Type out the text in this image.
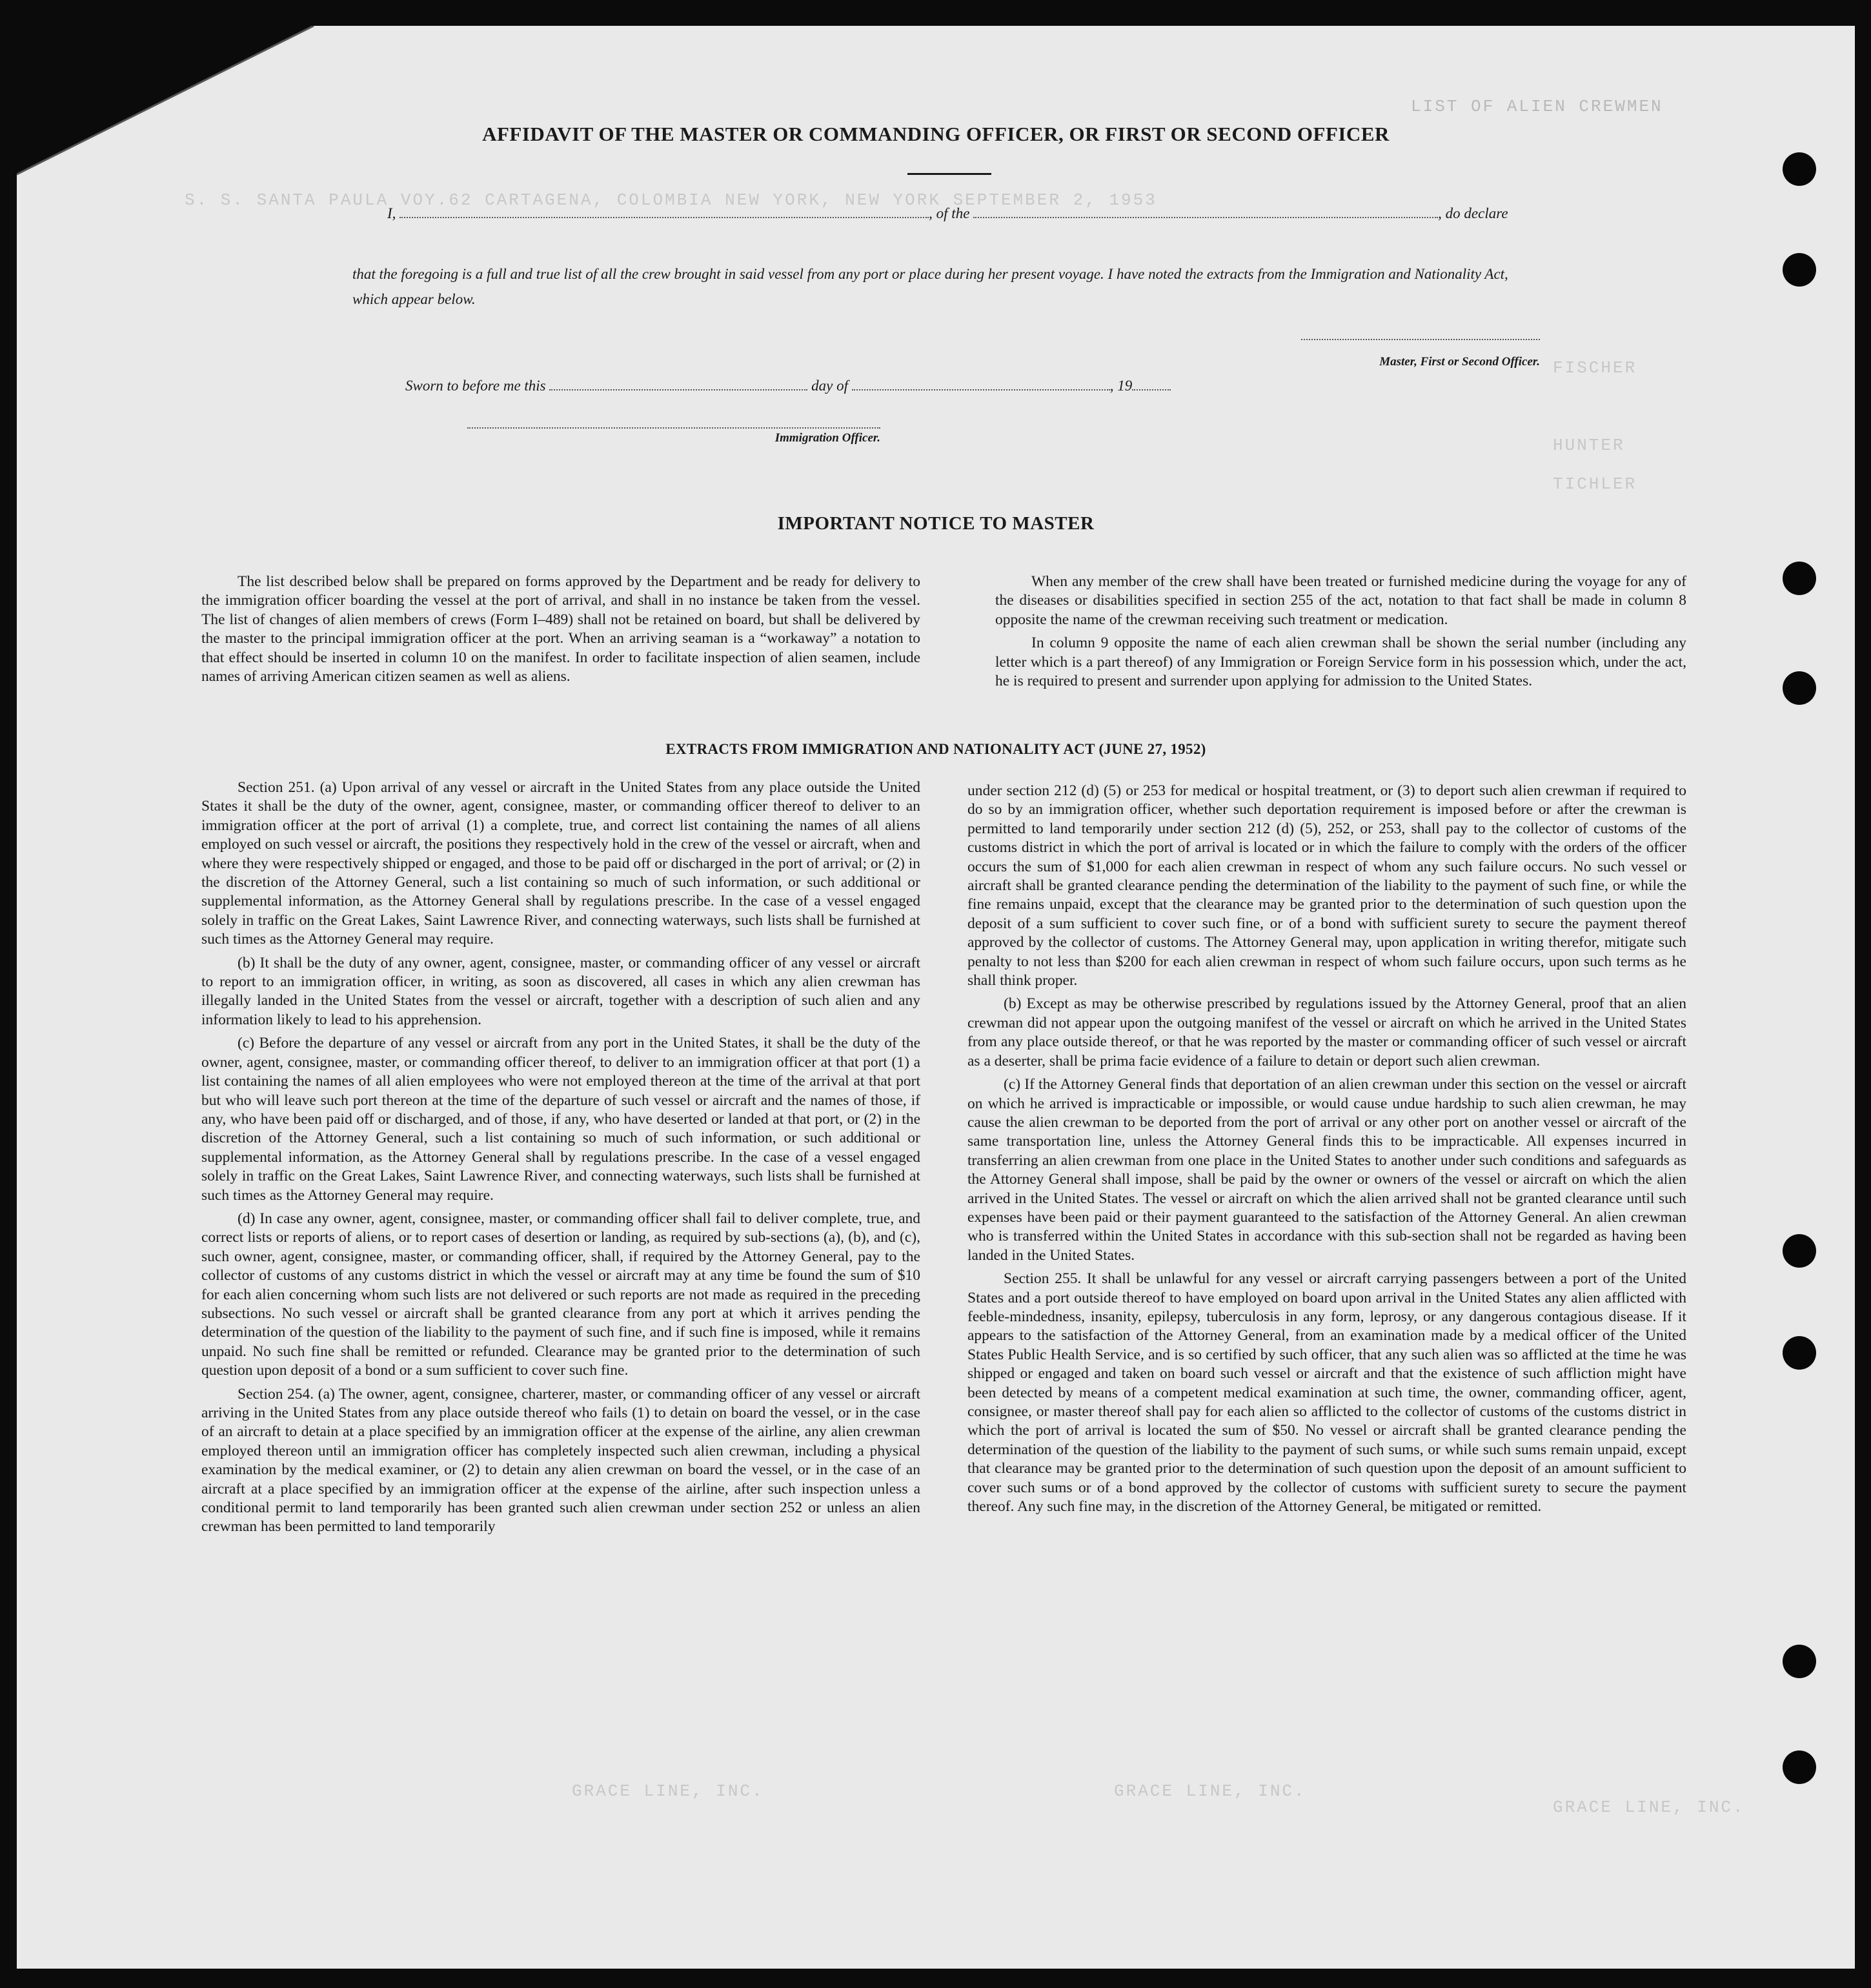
LIST OF ALIEN CREWMEN
S. S. SANTA PAULA VOY.62 CARTAGENA, COLOMBIA NEW YORK, NEW YORK SEPTEMBER 2, 1953
FISCHER
HUNTER
TICHLER
GRACE LINE, INC.	GRACE LINE, INC.
GRACE LINE, INC.
AFFIDAVIT OF THE MASTER OR COMMANDING OFFICER, OR FIRST OR SECOND OFFICER
I,	, of the	, do declare
that the foregoing is a full and true list of all the crew brought in said vessel from any port or place during her present voyage. I have noted the extracts from the Immigration and Nationality Act, which appear below.
Master, First or Second Officer.
Sworn to before me this	day of	, 19
Immigration Officer.
IMPORTANT NOTICE TO MASTER

The list described below shall be prepared on forms approved by the Department and be ready for delivery to the immigration officer boarding the vessel at the port of arrival, and shall in no instance be taken from the vessel. The list of changes of alien members of crews (Form I–489) shall not be retained on board, but shall be delivered by the master to the principal immigration officer at the port. When an arriving seaman is a “workaway” a notation to that effect should be inserted in column 10 on the manifest. In order to facilitate inspection of alien seamen, include names of arriving American citizen seamen as well as aliens.

When any member of the crew shall have been treated or furnished medicine during the voyage for any of the diseases or disabilities specified in section 255 of the act, notation to that fact shall be made in column 8 opposite the name of the crewman receiving such treatment or medication.

In column 9 opposite the name of each alien crewman shall be shown the serial number (including any letter which is a part thereof) of any Immigration or Foreign Service form in his possession which, under the act, he is required to present and surrender upon applying for admission to the United States.

EXTRACTS FROM IMMIGRATION AND NATIONALITY ACT (JUNE 27, 1952)

Section 251. (a) Upon arrival of any vessel or aircraft in the United States from any place outside the United States it shall be the duty of the owner, agent, consignee, master, or commanding officer thereof to deliver to an immigration officer at the port of arrival (1) a complete, true, and correct list containing the names of all aliens employed on such vessel or aircraft, the positions they respectively hold in the crew of the vessel or aircraft, when and where they were respectively shipped or engaged, and those to be paid off or discharged in the port of arrival; or (2) in the discretion of the Attorney General, such a list containing so much of such information, or such additional or supplemental information, as the Attorney General shall by regulations prescribe. In the case of a vessel engaged solely in traffic on the Great Lakes, Saint Lawrence River, and connecting waterways, such lists shall be furnished at such times as the Attorney General may require.

(b) It shall be the duty of any owner, agent, consignee, master, or commanding officer of any vessel or aircraft to report to an immigration officer, in writing, as soon as discovered, all cases in which any alien crewman has illegally landed in the United States from the vessel or aircraft, together with a description of such alien and any information likely to lead to his apprehension.

(c) Before the departure of any vessel or aircraft from any port in the United States, it shall be the duty of the owner, agent, consignee, master, or commanding officer thereof, to deliver to an immigration officer at that port (1) a list containing the names of all alien employees who were not employed thereon at the time of the arrival at that port but who will leave such port thereon at the time of the departure of such vessel or aircraft and the names of those, if any, who have been paid off or discharged, and of those, if any, who have deserted or landed at that port, or (2) in the discretion of the Attorney General, such a list containing so much of such information, or such additional or supplemental information, as the Attorney General shall by regulations prescribe. In the case of a vessel engaged solely in traffic on the Great Lakes, Saint Lawrence River, and connecting waterways, such lists shall be furnished at such times as the Attorney General may require.

(d) In case any owner, agent, consignee, master, or commanding officer shall fail to deliver complete, true, and correct lists or reports of aliens, or to report cases of desertion or landing, as required by sub-sections (a), (b), and (c), such owner, agent, consignee, master, or commanding officer, shall, if required by the Attorney General, pay to the collector of customs of any customs district in which the vessel or aircraft may at any time be found the sum of $10 for each alien concerning whom such lists are not delivered or such reports are not made as required in the preceding subsections. No such vessel or aircraft shall be granted clearance from any port at which it arrives pending the determination of the question of the liability to the payment of such fine, and if such fine is imposed, while it remains unpaid. No such fine shall be remitted or refunded. Clearance may be granted prior to the determination of such question upon deposit of a bond or a sum sufficient to cover such fine.

Section 254. (a) The owner, agent, consignee, charterer, master, or commanding officer of any vessel or aircraft arriving in the United States from any place outside thereof who fails (1) to detain on board the vessel, or in the case of an aircraft to detain at a place specified by an immigration officer at the expense of the airline, any alien crewman employed thereon until an immigration officer has completely inspected such alien crewman, including a physical examination by the medical examiner, or (2) to detain any alien crewman on board the vessel, or in the case of an aircraft at a place specified by an immigration officer at the expense of the airline, after such inspection unless a conditional permit to land temporarily has been granted such alien crewman under section 252 or unless an alien crewman has been permitted to land temporarily

under section 212 (d) (5) or 253 for medical or hospital treatment, or (3) to deport such alien crewman if required to do so by an immigration officer, whether such deportation requirement is imposed before or after the crewman is permitted to land temporarily under section 212 (d) (5), 252, or 253, shall pay to the collector of customs of the customs district in which the port of arrival is located or in which the failure to comply with the orders of the officer occurs the sum of $1,000 for each alien crewman in respect of whom any such failure occurs. No such vessel or aircraft shall be granted clearance pending the determination of the liability to the payment of such fine, or while the fine remains unpaid, except that the clearance may be granted prior to the determination of such question upon the deposit of a sum sufficient to cover such fine, or of a bond with sufficient surety to secure the payment thereof approved by the collector of customs. The Attorney General may, upon application in writing therefor, mitigate such penalty to not less than $200 for each alien crewman in respect of whom such failure occurs, upon such terms as he shall think proper.

(b) Except as may be otherwise prescribed by regulations issued by the Attorney General, proof that an alien crewman did not appear upon the outgoing manifest of the vessel or aircraft on which he arrived in the United States from any place outside thereof, or that he was reported by the master or commanding officer of such vessel or aircraft as a deserter, shall be prima facie evidence of a failure to detain or deport such alien crewman.

(c) If the Attorney General finds that deportation of an alien crewman under this section on the vessel or aircraft on which he arrived is impracticable or impossible, or would cause undue hardship to such alien crewman, he may cause the alien crewman to be deported from the port of arrival or any other port on another vessel or aircraft of the same transportation line, unless the Attorney General finds this to be impracticable. All expenses incurred in transferring an alien crewman from one place in the United States to another under such conditions and safeguards as the Attorney General shall impose, shall be paid by the owner or owners of the vessel or aircraft on which the alien arrived in the United States. The vessel or aircraft on which the alien arrived shall not be granted clearance until such expenses have been paid or their payment guaranteed to the satisfaction of the Attorney General. An alien crewman who is transferred within the United States in accordance with this sub-section shall not be regarded as having been landed in the United States.

Section 255. It shall be unlawful for any vessel or aircraft carrying passengers between a port of the United States and a port outside thereof to have employed on board upon arrival in the United States any alien afflicted with feeble-mindedness, insanity, epilepsy, tuberculosis in any form, leprosy, or any dangerous contagious disease. If it appears to the satisfaction of the Attorney General, from an examination made by a medical officer of the United States Public Health Service, and is so certified by such officer, that any such alien was so afflicted at the time he was shipped or engaged and taken on board such vessel or aircraft and that the existence of such affliction might have been detected by means of a competent medical examination at such time, the owner, commanding officer, agent, consignee, or master thereof shall pay for each alien so afflicted to the collector of customs of the customs district in which the port of arrival is located the sum of $50. No vessel or aircraft shall be granted clearance pending the determination of the question of the liability to the payment of such sums, or while such sums remain unpaid, except that clearance may be granted prior to the determination of such question upon the deposit of an amount sufficient to cover such sums or of a bond approved by the collector of customs with sufficient surety to secure the payment thereof. Any such fine may, in the discretion of the Attorney General, be mitigated or remitted.
